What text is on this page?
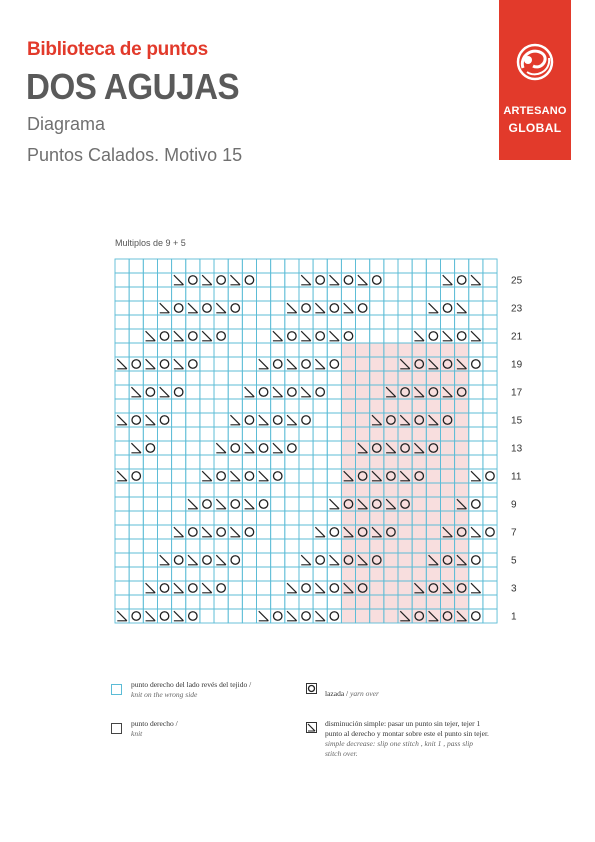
ARTESANO
GLOBAL
Biblioteca de puntos
DOS AGUJAS
Diagrama
Puntos Calados. Motivo 15
Multiplos de 9 + 5
25
23
21
19
17
15
13
11
9
7
5
3
1
punto derecho del lado revés del tejido /
knit on the wrong side	lazada / yarn over
punto derecho /
knit
disminución simple: pasar un punto sin tejer, tejer 1
punto al derecho y montar sobre este el punto sin tejer.
simple decrease: slip one stitch , knit 1 , pass slip
stitch over.
